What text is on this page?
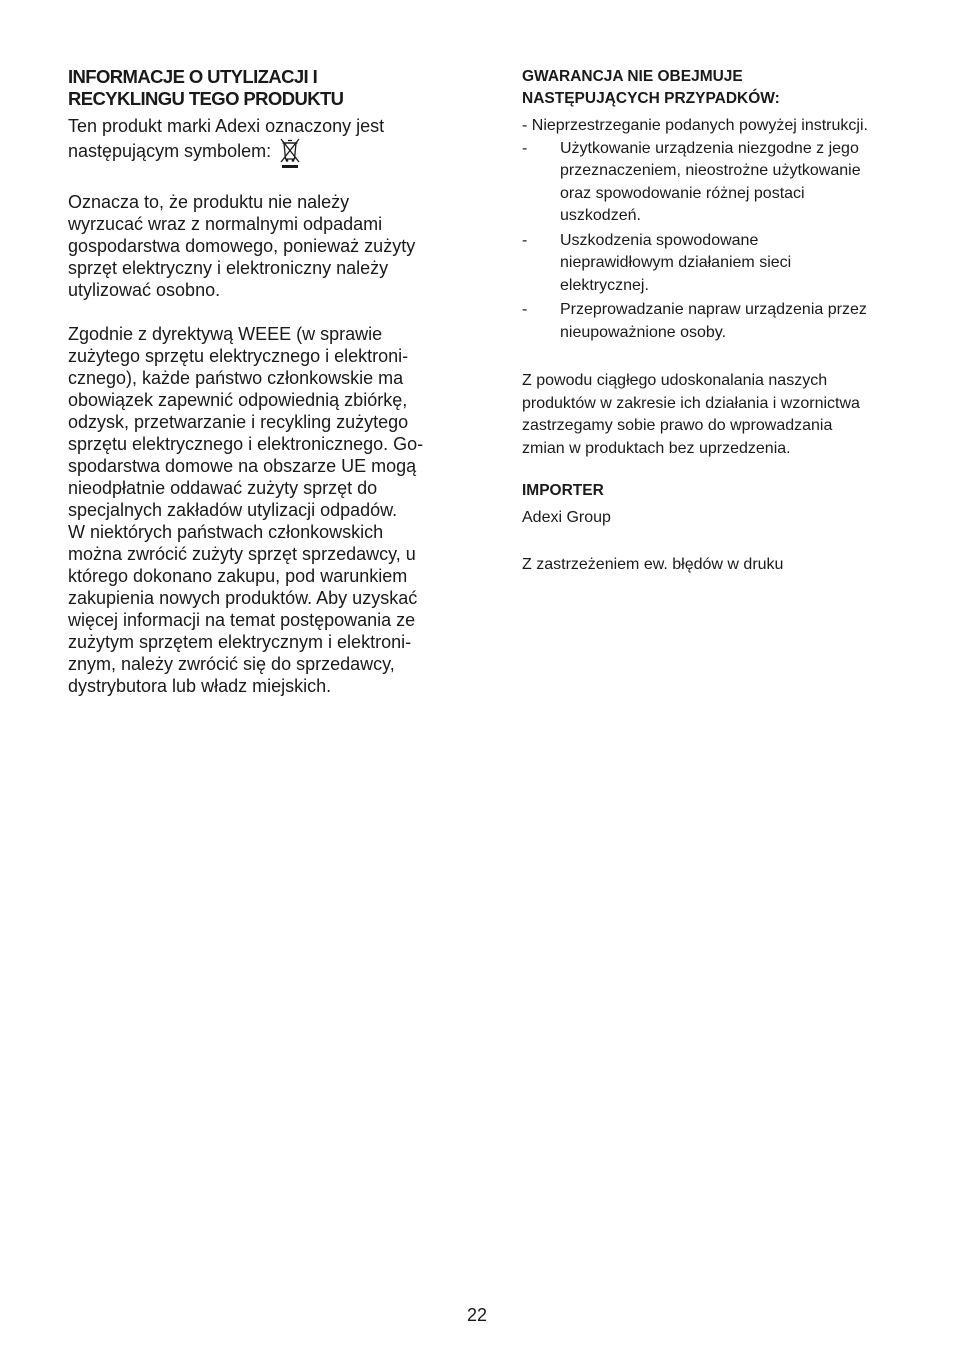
INFORMACJE O UTYLIZACJI I
RECYKLINGU TEGO PRODUKTU

Ten produkt marki Adexi oznaczony jest
następującym symbolem:

Oznacza to, że produktu nie należy
wyrzucać wraz z normalnymi odpadami
gospodarstwa domowego, ponieważ zużyty
sprzęt elektryczny i elektroniczny należy
utylizować osobno.

Zgodnie z dyrektywą WEEE (w sprawie
zużytego sprzętu elektrycznego i elektroni-
cznego), każde państwo członkowskie ma
obowiązek zapewnić odpowiednią zbiórkę,
odzysk, przetwarzanie i recykling zużytego
sprzętu elektrycznego i elektronicznego. Go-
spodarstwa domowe na obszarze UE mogą
nieodpłatnie oddawać zużyty sprzęt do
specjalnych zakładów utylizacji odpadów.
W niektórych państwach członkowskich
można zwrócić zużyty sprzęt sprzedawcy, u
którego dokonano zakupu, pod warunkiem
zakupienia nowych produktów. Aby uzyskać
więcej informacji na temat postępowania ze
zużytym sprzętem elektrycznym i elektroni-
znym, należy zwrócić się do sprzedawcy,
dystrybutora lub władz miejskich.

GWARANCJA NIE OBEJMUJE
NASTĘPUJĄCYCH PRZYPADKÓW:

- Nieprzestrzeganie podanych powyżej instrukcji.

-	Użytkowanie urządzenia niezgodne z jego
przeznaczeniem, nieostrożne użytkowanie
oraz spowodowanie różnej postaci
uszkodzeń.
-	Uszkodzenia spowodowane
nieprawidłowym działaniem sieci
elektrycznej.
-	Przeprowadzanie napraw urządzenia przez
nieupoważnione osoby.

Z powodu ciągłego udoskonalania naszych
produktów w zakresie ich działania i wzornictwa
zastrzegamy sobie prawo do wprowadzania
zmian w produktach bez uprzedzenia.

IMPORTER

Adexi Group

Z zastrzeżeniem ew. błędów w druku

22
